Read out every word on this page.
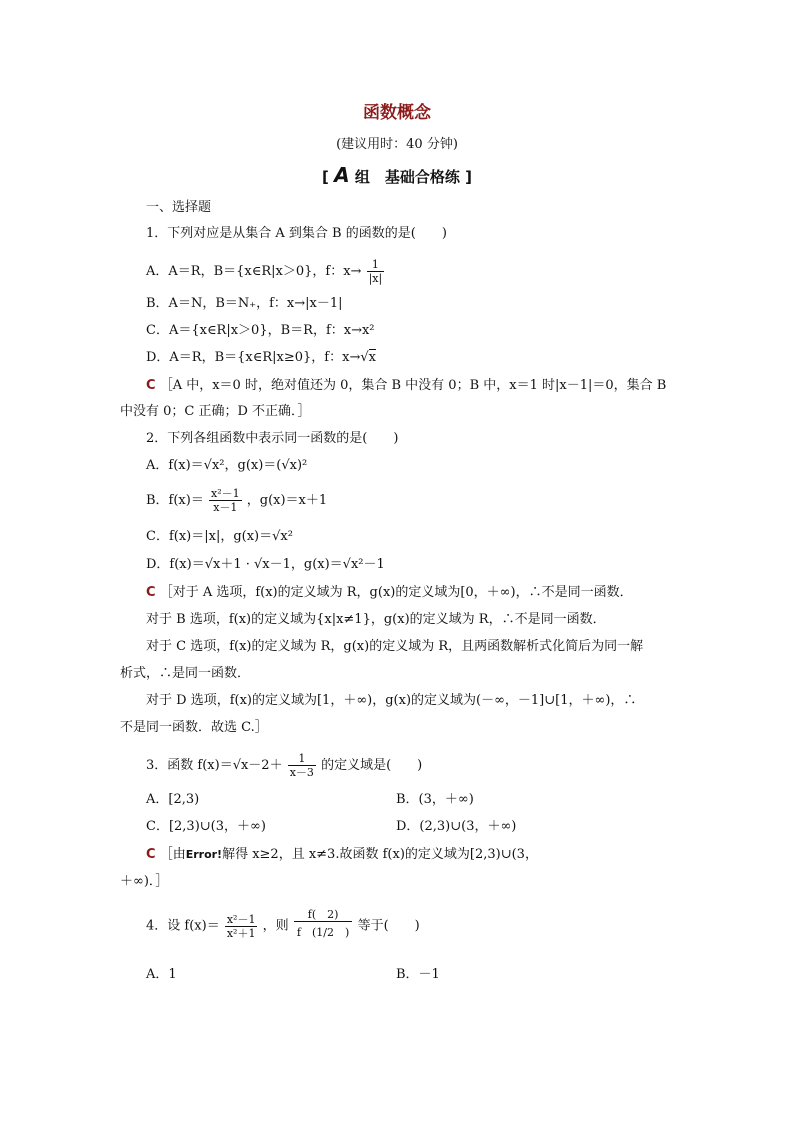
函数概念
(建议用时：40 分钟)
[ A 组　基础合格练 ]
一、选择题
1．下列对应是从集合 A 到集合 B 的函数的是(　　)
A．A＝R，B＝{x∈R|x＞0}，f：$x\to \frac{1}{|x|}$
B．A＝N，B＝N₊，f：x→|x－1|
C．A＝{x∈R|x＞0}，B＝R，f：x→x²
D．A＝R，B＝{x∈R|x≥0}，f：x→√x
C ［A 中，x＝0 时，绝对值还为 0，集合 B 中没有 0；B 中，x＝1 时|x－1|＝0，集合 B
中没有 0；C 正确；D 不正确．］
2．下列各组函数中表示同一函数的是(　　)
A．f(x)＝√x²，g(x)＝(√x)²
B．$f(x)= \frac{\text{x²－1}}{x-1}$ ，g(x)＝x＋1
C．f(x)＝|x|，g(x)＝√x²
D．f(x)＝√x＋1 · √x－1，g(x)＝√x²－1
C ［对于 A 选项，f(x)的定义域为 R，g(x)的定义域为[0，＋∞)，∴不是同一函数．
对于 B 选项，f(x)的定义域为{x|x≠1}，g(x)的定义域为 R，∴不是同一函数．
对于 C 选项，f(x)的定义域为 R，g(x)的定义域为 R，且两函数解析式化简后为同一解
析式，∴是同一函数．
对于 D 选项，f(x)的定义域为[1，＋∞)，g(x)的定义域为(－∞，－1]∪[1，＋∞)，∴
不是同一函数．故选 C.］
3．函数 $f(x)=√x-2+ \frac{1}{x-3}$ 的定义域是(　　)
A．[2,3)	B．(3，＋∞)
C．[2,3)∪(3，＋∞)	D．(2,3)∪(3，＋∞)
C ［由Error!解得 x≥2，且 x≠3.故函数 f(x)的定义域为[2,3)∪(3，
＋∞)．］
4．设 $f(x)= \frac{\text{x²－1}}{\text{x²＋1}}$ ，则 $\frac{f( 2)}{f (1/2 )}$ 等于(　　)
A．1	B．－1
